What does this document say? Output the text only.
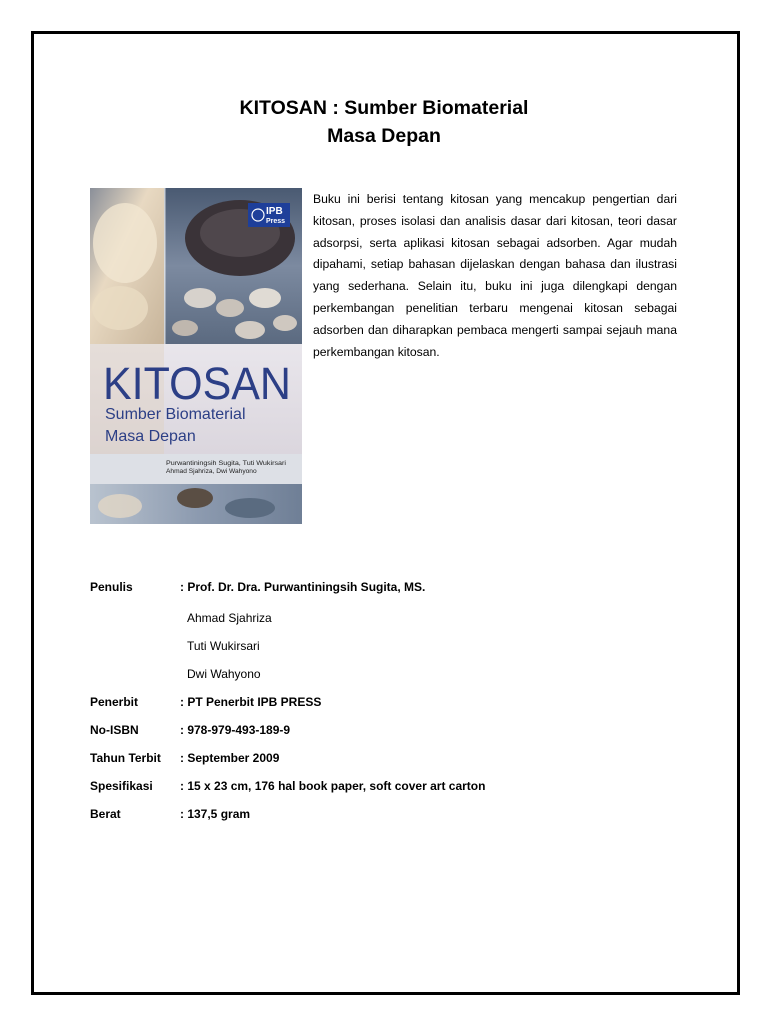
KITOSAN : Sumber Biomaterial
Masa Depan
IPB
Press
KITOSAN
Sumber Biomaterial
Masa Depan
Purwantiningsih Sugita, Tuti Wukirsari
Ahmad Sjahriza, Dwi Wahyono
Buku ini berisi tentang kitosan yang mencakup pengertian dari kitosan, proses isolasi dan analisis dasar dari kitosan, teori dasar adsorpsi, serta aplikasi kitosan sebagai adsorben. Agar mudah dipahami, setiap bahasan dijelaskan dengan bahasa dan ilustrasi yang sederhana. Selain itu, buku ini juga dilengkapi dengan perkembangan penelitian terbaru mengenai kitosan sebagai adsorben dan diharapkan pembaca mengerti sampai sejauh mana perkembangan kitosan.
Penulis	: Prof. Dr. Dra. Purwantiningsih Sugita, MS.
Ahmad Sjahriza
Tuti Wukirsari
Dwi Wahyono
Penerbit	: PT Penerbit IPB PRESS
No-ISBN	: 978-979-493-189-9
Tahun Terbit	: September 2009
Spesifikasi	: 15 x 23 cm, 176 hal book paper, soft cover art carton
Berat	: 137,5 gram
